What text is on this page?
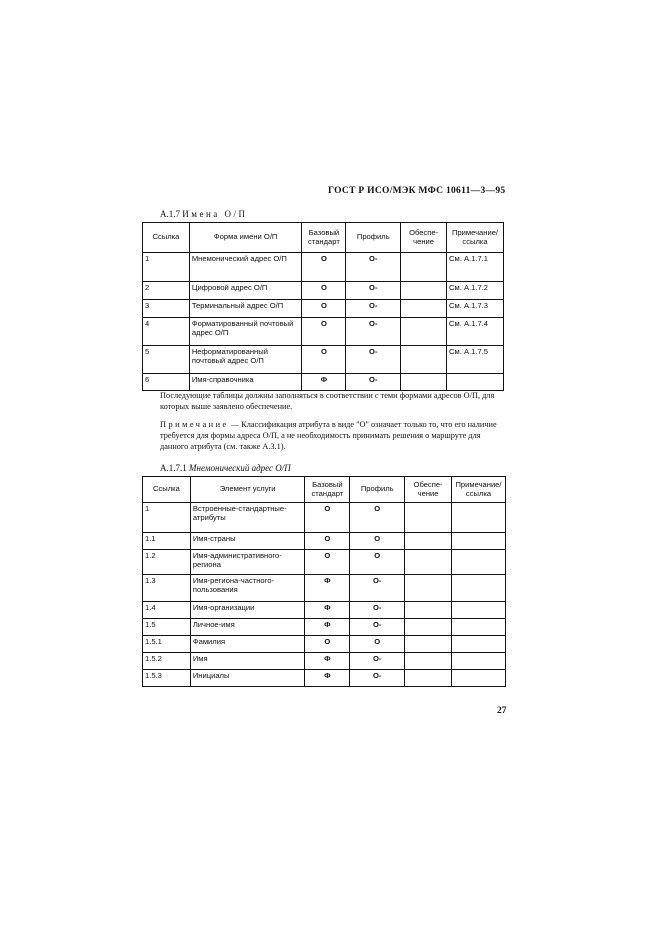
ГОСТ Р ИСО/МЭК МФС 10611—3—95
A.1.7 Имена О/П
Ссылка	Форма имени О/П	Базовый стандарт	Профиль	Обеспе-чение	Примечание/ ссылка
1	Мнемонический адрес О/П	О	О-		См. A.1.7.1
2	Цифровой адрес О/П	О	О-		См. A.1.7.2
3	Терминальный адрес О/П	О	О-		См. A.1.7.3
4	Форматированный почтовый адрес О/П	О	О-		См. A.1.7.4
5	Неформатированный почтовый адрес О/П	О	О-		См. A.1.7.5
6	Имя-справочника	Ф	О-		
Последующие таблицы должны заполняться в соответствии с теми формами адресов О/П, для которых выше заявлено обеспечение.
Примечание — Классификация атрибута в виде "О" означает только то, что его наличие требуется для формы адреса О/П, а не необходимость принимать решения о маршруте для данного атрибута (см. также A.3.1).
A.1.7.1 Мнемонический адрес О/П
Ссылка	Элемент услуги	Базовый стандарт	Профиль	Обеспе-чение	Примечание/ ссылка
1	Встроенные-стандартные-атрибуты	О	О		
1.1	Имя-страны	О	О		
1.2	Имя-административного-региона	О	О		
1.3	Имя-региона-частного-пользования	Ф	О-		
1.4	Имя-организации	Ф	О-		
1.5	Личное-имя	Ф	О-		
1.5.1	Фамилия	О	О		
1.5.2	Имя	Ф	О-		
1.5.3	Инициалы	Ф	О-		
27
